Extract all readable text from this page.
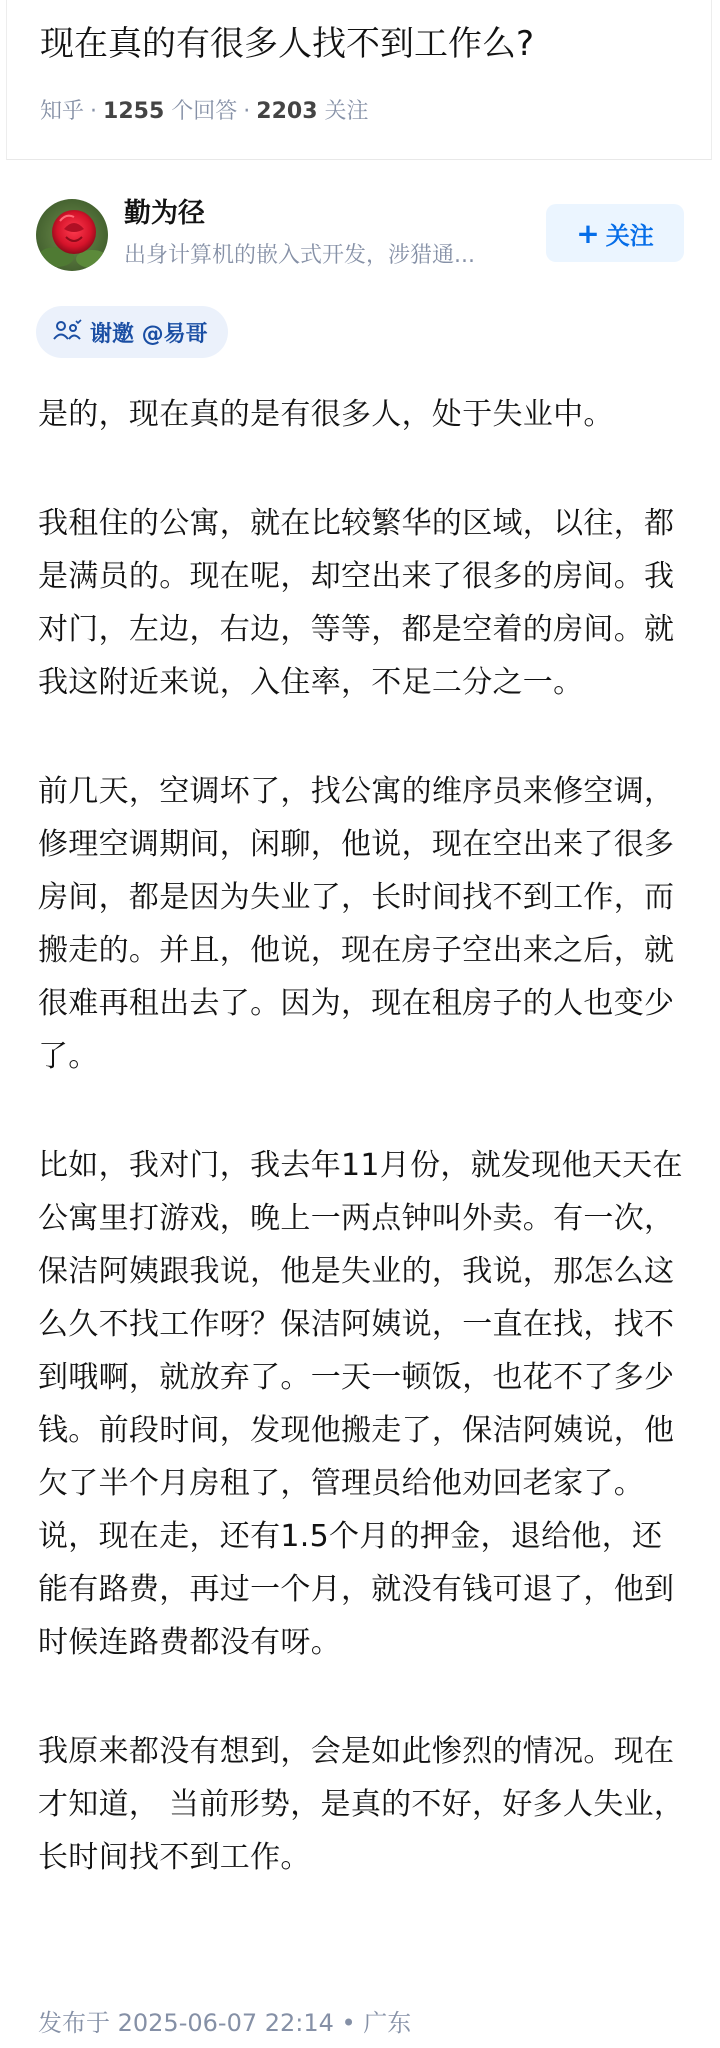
现在真的有很多人找不到工作么?
知乎 · 1255 个回答 · 2203 关注
勤为径
出身计算机的嵌入式开发，涉猎通...
+ 关注
谢邀 @易哥

是的，现在真的是有很多人，处于失业中。

我租住的公寓，就在比较繁华的区域，以往，都是满员的。现在呢，却空出来了很多的房间。我对门，左边，右边，等等，都是空着的房间。就我这附近来说，入住率，不足二分之一。

前几天，空调坏了，找公寓的维序员来修空调，修理空调期间，闲聊，他说，现在空出来了很多房间，都是因为失业了，长时间找不到工作，而搬走的。并且，他说，现在房子空出来之后，就很难再租出去了。因为，现在租房子的人也变少了。

比如，我对门，我去年11月份，就发现他天天在公寓里打游戏，晚上一两点钟叫外卖。有一次，保洁阿姨跟我说，他是失业的，我说，那怎么这么久不找工作呀？保洁阿姨说，一直在找，找不到哦啊，就放弃了。一天一顿饭，也花不了多少钱。前段时间，发现他搬走了，保洁阿姨说，他欠了半个月房租了，管理员给他劝回老家了。说，现在走，还有1.5个月的押金，退给他，还能有路费，再过一个月，就没有钱可退了，他到时候连路费都没有呀。

我原来都没有想到，会是如此惨烈的情况。现在才知道， 当前形势，是真的不好，好多人失业，长时间找不到工作。

发布于 2025-06-07 22:14 • 广东
